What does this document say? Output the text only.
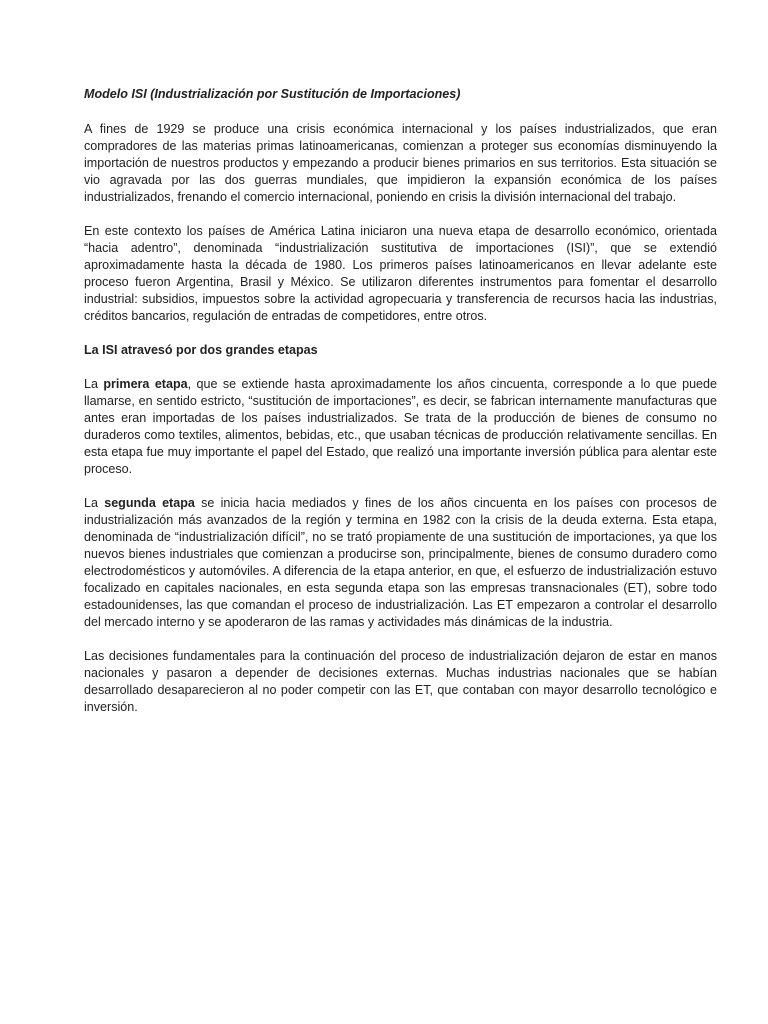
Modelo ISI (Industrialización por Sustitución de Importaciones)

A fines de 1929 se produce una crisis económica internacional y los países industrializados, que eran compradores de las materias primas latinoamericanas, comienzan a proteger sus economías disminuyendo la importación de nuestros productos y empezando a producir bienes primarios en sus territorios. Esta situación se vio agravada por las dos guerras mundiales, que impidieron la expansión económica de los países industrializados, frenando el comercio internacional, poniendo en crisis la división internacional del trabajo.

En este contexto los países de América Latina iniciaron una nueva etapa de desarrollo económico, orientada “hacia adentro”, denominada “industrialización sustitutiva de importaciones (ISI)”, que se extendió aproximadamente hasta la década de 1980. Los primeros países latinoamericanos en llevar adelante este proceso fueron Argentina, Brasil y México. Se utilizaron diferentes instrumentos para fomentar el desarrollo industrial: subsidios, impuestos sobre la actividad agropecuaria y transferencia de recursos hacia las industrias, créditos bancarios, regulación de entradas de competidores, entre otros.

La ISI atravesó por dos grandes etapas

La primera etapa, que se extiende hasta aproximadamente los años cincuenta, corresponde a lo que puede llamarse, en sentido estricto, “sustitución de importaciones”, es decir, se fabrican internamente manufacturas que antes eran importadas de los países industrializados. Se trata de la producción de bienes de consumo no duraderos como textiles, alimentos, bebidas, etc., que usaban técnicas de producción relativamente sencillas. En esta etapa fue muy importante el papel del Estado, que realizó una importante inversión pública para alentar este proceso.

La segunda etapa se inicia hacia mediados y fines de los años cincuenta en los países con procesos de industrialización más avanzados de la región y termina en 1982 con la crisis de la deuda externa. Esta etapa, denominada de “industrialización difícil”, no se trató propiamente de una sustitución de importaciones, ya que los nuevos bienes industriales que comienzan a producirse son, principalmente, bienes de consumo duradero como electrodomésticos y automóviles. A diferencia de la etapa anterior, en que, el esfuerzo de industrialización estuvo focalizado en capitales nacionales, en esta segunda etapa son las empresas transnacionales (ET), sobre todo estadounidenses, las que comandan el proceso de industrialización. Las ET empezaron a controlar el desarrollo del mercado interno y se apoderaron de las ramas y actividades más dinámicas de la industria.

Las decisiones fundamentales para la continuación del proceso de industrialización dejaron de estar en manos nacionales y pasaron a depender de decisiones externas. Muchas industrias nacionales que se habían desarrollado desaparecieron al no poder competir con las ET, que contaban con mayor desarrollo tecnológico e inversión.
